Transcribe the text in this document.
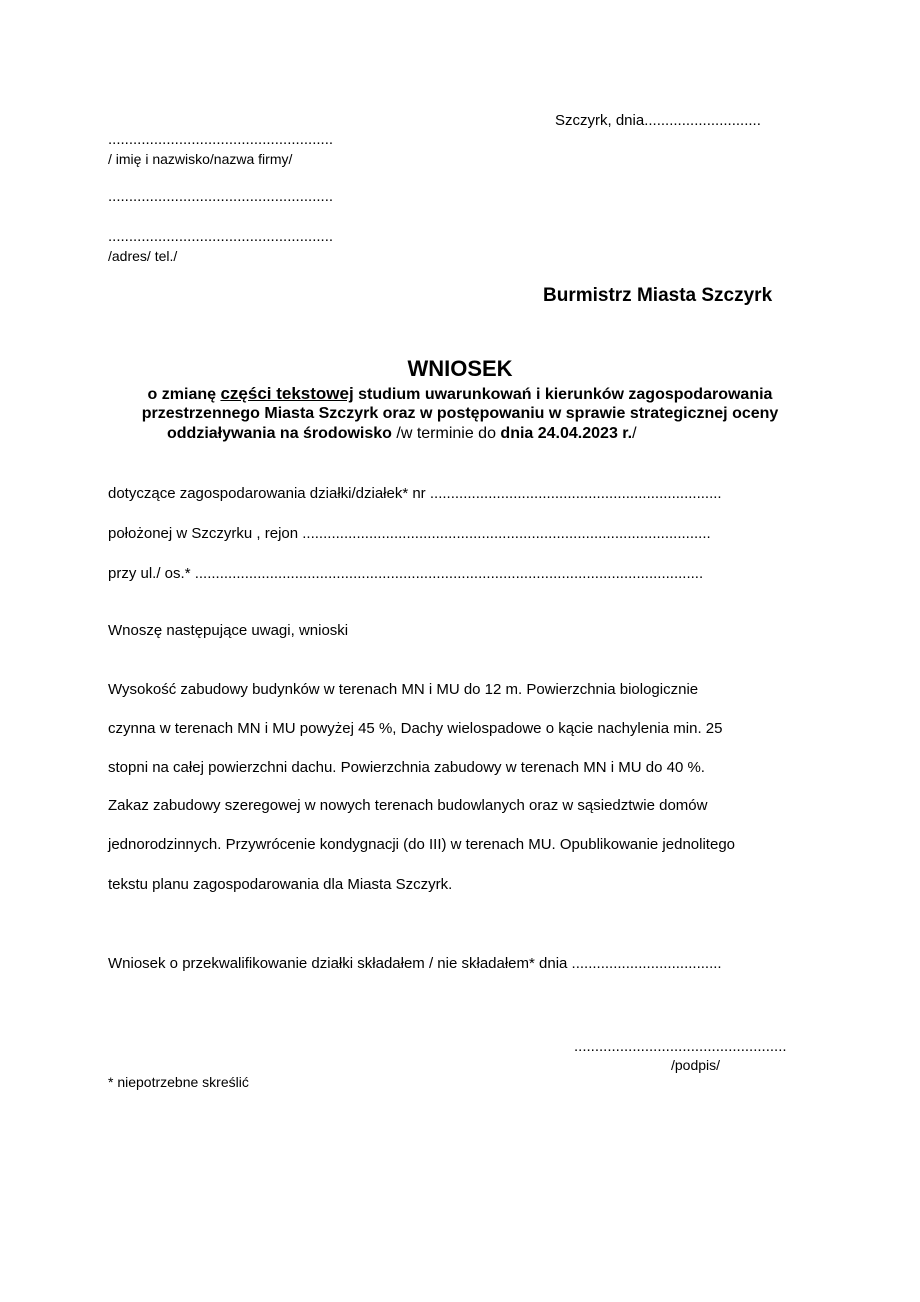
Szczyrk, dnia............................
......................................................
/ imię i nazwisko/nazwa firmy/
......................................................
......................................................
/adres/ tel./
Burmistrz Miasta Szczyrk
WNIOSEK
o zmianę części tekstowej studium uwarunkowań i kierunków zagospodarowania
przestrzennego Miasta Szczyrk oraz w postępowaniu w sprawie strategicznej oceny
oddziaływania na środowisko /w terminie do dnia 24.04.2023 r./
dotyczące zagospodarowania działki/działek* nr ......................................................................
położonej w Szczyrku , rejon ..................................................................................................
przy ul./ os.* ..........................................................................................................................
Wnoszę następujące uwagi, wnioski
Wysokość zabudowy budynków w terenach MN i MU do 12 m. Powierzchnia biologicznie
czynna w terenach MN i MU powyżej 45 %, Dachy wielospadowe o kącie nachylenia min. 25
stopni na całej powierzchni dachu. Powierzchnia zabudowy w terenach MN i MU do 40 %.
Zakaz zabudowy szeregowej w nowych terenach budowlanych oraz w sąsiedztwie domów
jednorodzinnych. Przywrócenie kondygnacji (do III) w terenach MU. Opublikowanie jednolitego
tekstu planu zagospodarowania dla Miasta Szczyrk.
Wniosek o przekwalifikowanie działki składałem / nie składałem* dnia ....................................
...................................................
/podpis/
* niepotrzebne skreślić
